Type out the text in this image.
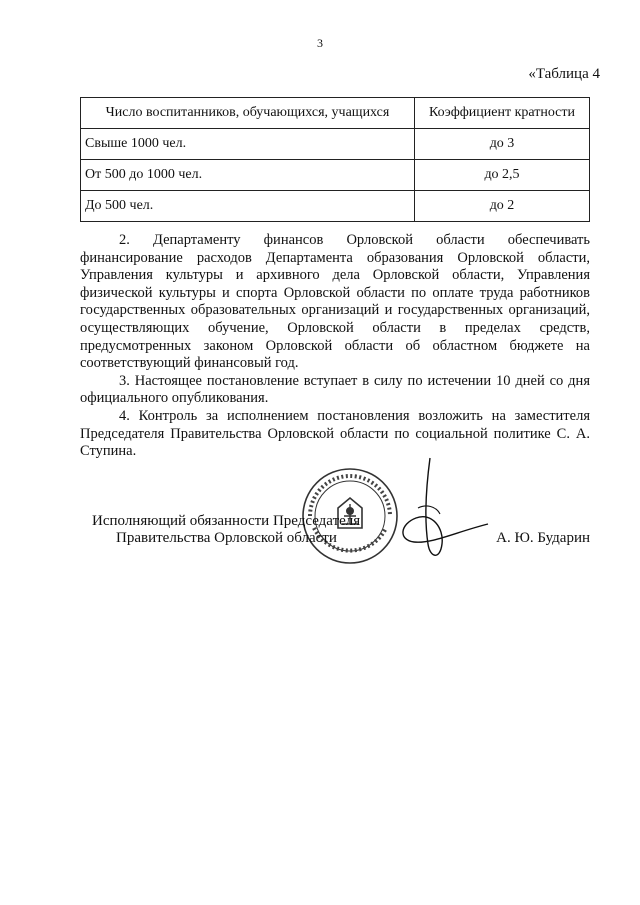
3
«Таблица 4
Число воспитанников, обучающихся, учащихся	Коэффициент кратности
Свыше 1000 чел.	до 3
От 500 до 1000 чел.	до 2,5
До 500 чел.	до 2

2. Департаменту финансов Орловской области обеспечивать финансирование расходов Департамента образования Орловской области, Управления культуры и архивного дела Орловской области, Управления физической культуры и спорта Орловской области по оплате труда работников государственных образовательных организаций и государственных организаций, осуществляющих обучение, Орловской области в пределах средств, предусмотренных законом Орловской области об областном бюджете на соответствующий финансовый год.

3. Настоящее постановление вступает в силу по истечении 10 дней со дня официального опубликования.

4. Контроль за исполнением постановления возложить на заместителя Председателя Правительства Орловской области по социальной политике С. А. Ступина.

Исполняющий обязанности Председателя
Правительства Орловской области	А. Ю. Бударин
